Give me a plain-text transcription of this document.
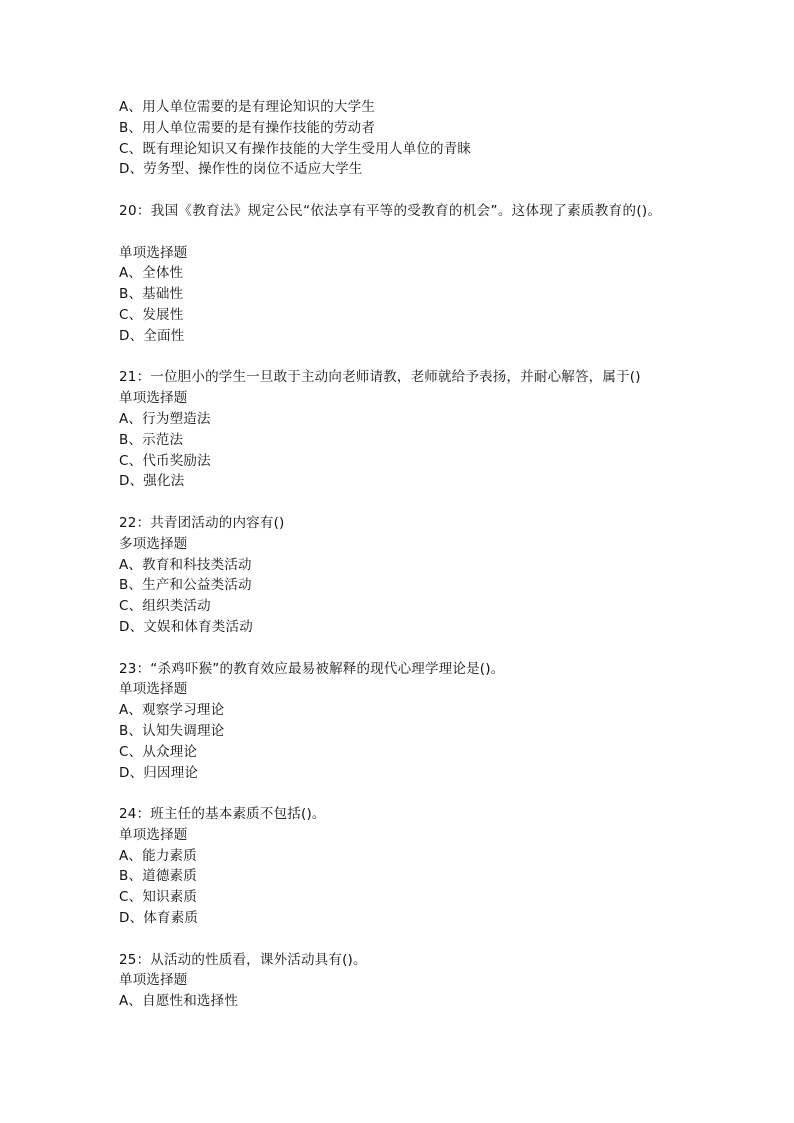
A、用人单位需要的是有理论知识的大学生
B、用人单位需要的是有操作技能的劳动者
C、既有理论知识又有操作技能的大学生受用人单位的青睐
D、劳务型、操作性的岗位不适应大学生
20：我国《教育法》规定公民“依法享有平等的受教育的机会”。这体现了素质教育的()。
单项选择题
A、全体性
B、基础性
C、发展性
D、全面性
21：一位胆小的学生一旦敢于主动向老师请教，老师就给予表扬，并耐心解答，属于()
单项选择题
A、行为塑造法
B、示范法
C、代币奖励法
D、强化法
22：共青团活动的内容有()
多项选择题
A、教育和科技类活动
B、生产和公益类活动
C、组织类活动
D、文娱和体育类活动
23：“杀鸡吓猴”的教育效应最易被解释的现代心理学理论是()。
单项选择题
A、观察学习理论
B、认知失调理论
C、从众理论
D、归因理论
24：班主任的基本素质不包括()。
单项选择题
A、能力素质
B、道德素质
C、知识素质
D、体育素质
25：从活动的性质看，课外活动具有()。
单项选择题
A、自愿性和选择性
